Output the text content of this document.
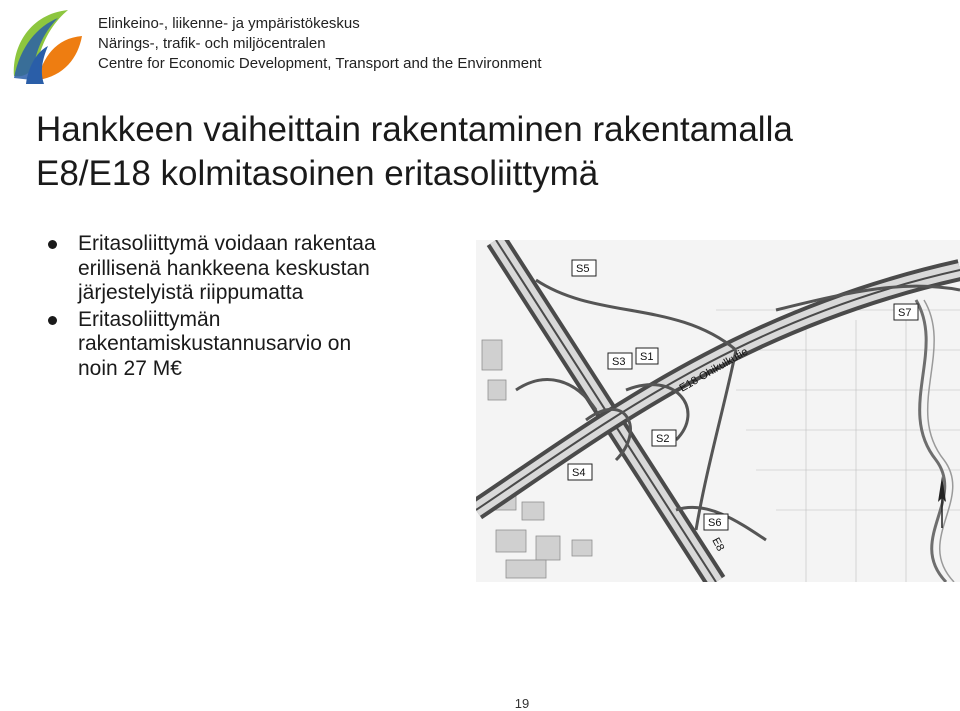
Elinkeino-, liikenne- ja ympäristökeskus
Närings-, trafik- och miljöcentralen
Centre for Economic Development, Transport and the Environment
Hankkeen vaiheittain rakentaminen rakentamalla
E8/E18 kolmitasoinen eritasoliittymä
Eritasoliittymä voidaan rakentaa
erillisenä hankkeena keskustan
järjestelyistä riippumatta
Eritasoliittymän
rakentamiskustannusarvio on
noin 27 M€
S5
S3 S1
S2
S4
S6
S7
E18 Ohikulkutie
E8
19
